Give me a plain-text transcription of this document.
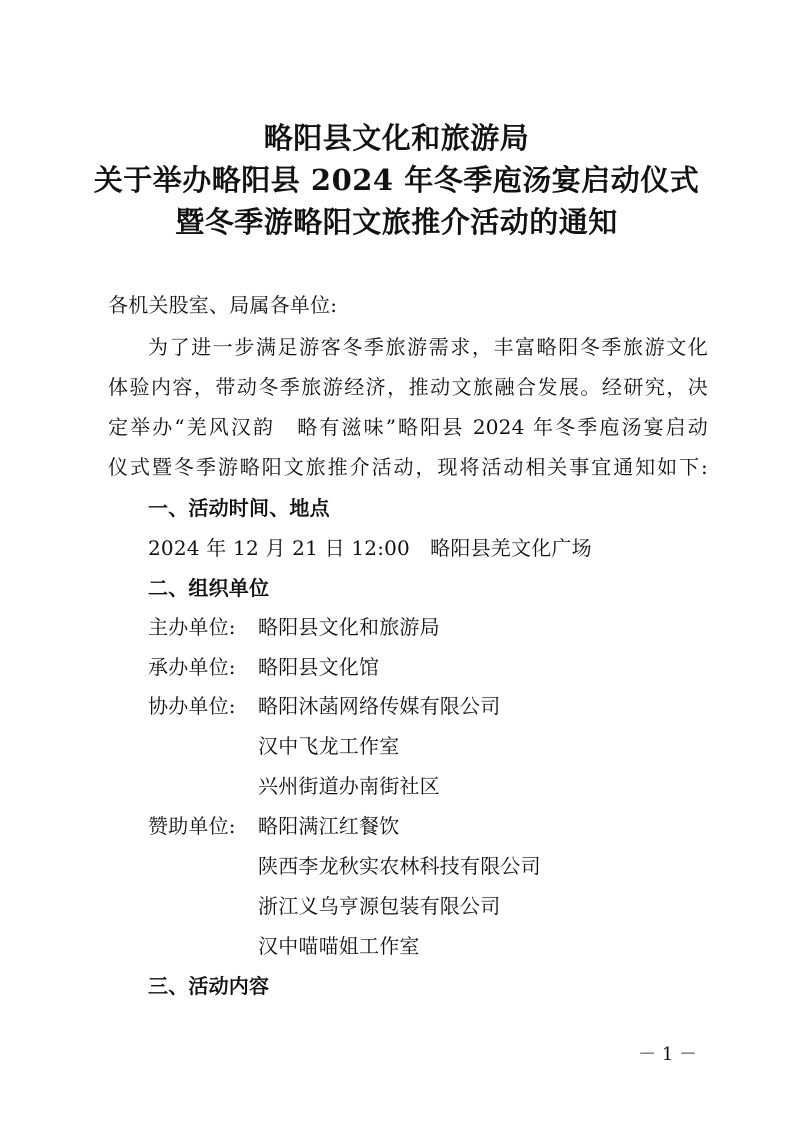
略阳县文化和旅游局
关于举办略阳县 2024 年冬季庖汤宴启动仪式
暨冬季游略阳文旅推介活动的通知
各机关股室、局属各单位:
为了进一步满足游客冬季旅游需求，丰富略阳冬季旅游文化
体验内容，带动冬季旅游经济，推动文旅融合发展。经研究，决
定举办“羌风汉韵　略有滋味”略阳县 2024 年冬季庖汤宴启动
仪式暨冬季游略阳文旅推介活动，现将活动相关事宜通知如下:
一、活动时间、地点
2024 年 12 月 21 日 12:00　略阳县羌文化广场
二、组织单位
主办单位: 略阳县文化和旅游局
承办单位: 略阳县文化馆
协办单位: 略阳沐菡网络传媒有限公司
汉中飞龙工作室
兴州街道办南街社区
赞助单位: 略阳满江红餐饮
陕西李龙秋实农林科技有限公司
浙江义乌亨源包装有限公司
汉中喵喵姐工作室
三、活动内容
－ 1 －
